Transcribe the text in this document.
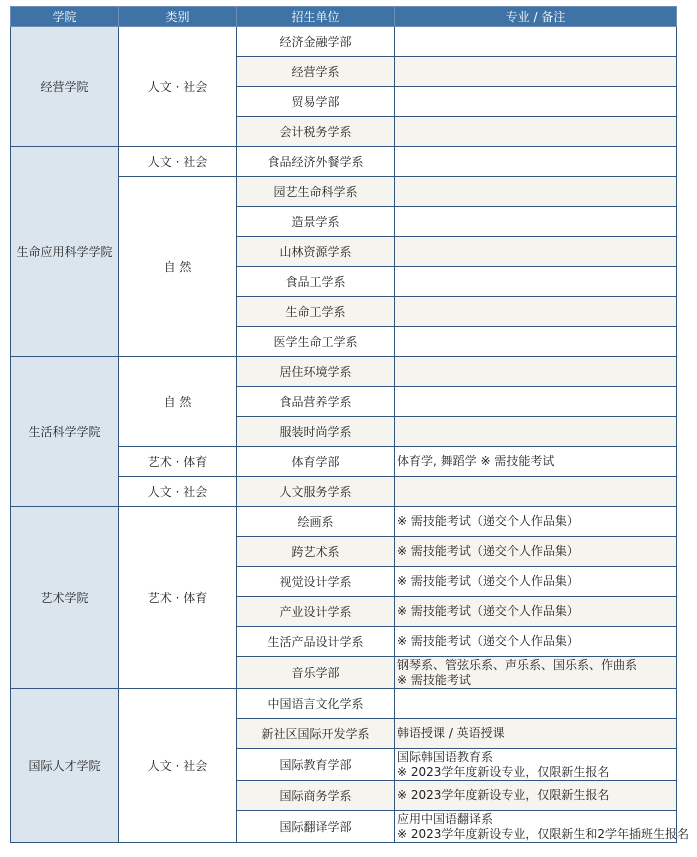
学院	类别	招生单位	专业 / 备注
经营学院	人文 · 社会	经济金融学部	

		经营学系	

		贸易学部	

		会计税务学系	

生命应用科学学院	人文 · 社会	食品经济外餐学系	

	自 然	园艺生命科学系	

		造景学系	

		山林资源学系	

		食品工学系	

		生命工学系	

		医学生命工学系	

生活科学学院	自 然	居住环境学系	

		食品营养学系	

		服装时尚学系	

	艺术 · 体育	体育学部	体育学, 舞蹈学 ※ 需技能考试

	人文 · 社会	人文服务学系	

艺术学院	艺术 · 体育	绘画系	※ 需技能考试（递交个人作品集）

		跨艺术系	※ 需技能考试（递交个人作品集）

		视觉设计学系	※ 需技能考试（递交个人作品集）

		产业设计学系	※ 需技能考试（递交个人作品集）

		生活产品设计学系	※ 需技能考试（递交个人作品集）

		音乐学部	钢琴系、管弦乐系、声乐系、国乐系、作曲系
※ 需技能考试

国际人才学院	人文 · 社会	中国语言文化学系	

		新社区国际开发学系	韩语授课 / 英语授课

		国际教育学部	国际韩国语教育系
※ 2023学年度新设专业，仅限新生报名

		国际商务学系	※ 2023学年度新设专业，仅限新生报名

		国际翻译学部	应用中国语翻译系
※ 2023学年度新设专业，仅限新生和2学年插班生报名
